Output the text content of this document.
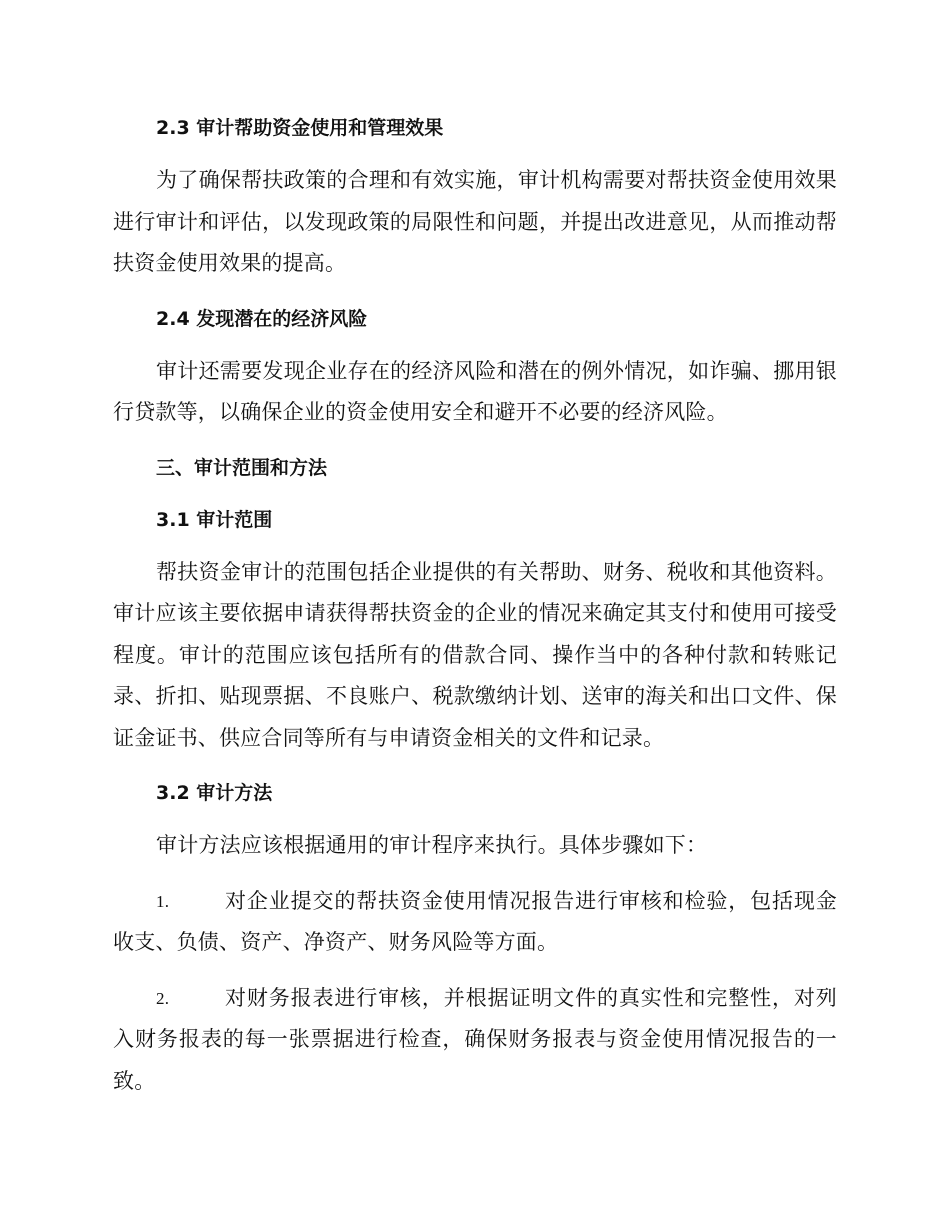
2.3 审计帮助资金使用和管理效果

为了确保帮扶政策的合理和有效实施，审计机构需要对帮扶资金使用效果进行审计和评估，以发现政策的局限性和问题，并提出改进意见，从而推动帮扶资金使用效果的提高。

2.4 发现潜在的经济风险

审计还需要发现企业存在的经济风险和潜在的例外情况，如诈骗、挪用银行贷款等，以确保企业的资金使用安全和避开不必要的经济风险。

三、审计范围和方法
3.1 审计范围

帮扶资金审计的范围包括企业提供的有关帮助、财务、税收和其他资料。审计应该主要依据申请获得帮扶资金的企业的情况来确定其支付和使用可接受程度。审计的范围应该包括所有的借款合同、操作当中的各种付款和转账记录、折扣、贴现票据、不良账户、税款缴纳计划、送审的海关和出口文件、保证金证书、供应合同等所有与申请资金相关的文件和记录。

3.2 审计方法

审计方法应该根据通用的审计程序来执行。具体步骤如下：

1.	对企业提交的帮扶资金使用情况报告进行审核和检验，包括现金收支、负债、资产、净资产、财务风险等方面。

2.	对财务报表进行审核，并根据证明文件的真实性和完整性，对列入财务报表的每一张票据进行检查，确保财务报表与资金使用情况报告的一致。
